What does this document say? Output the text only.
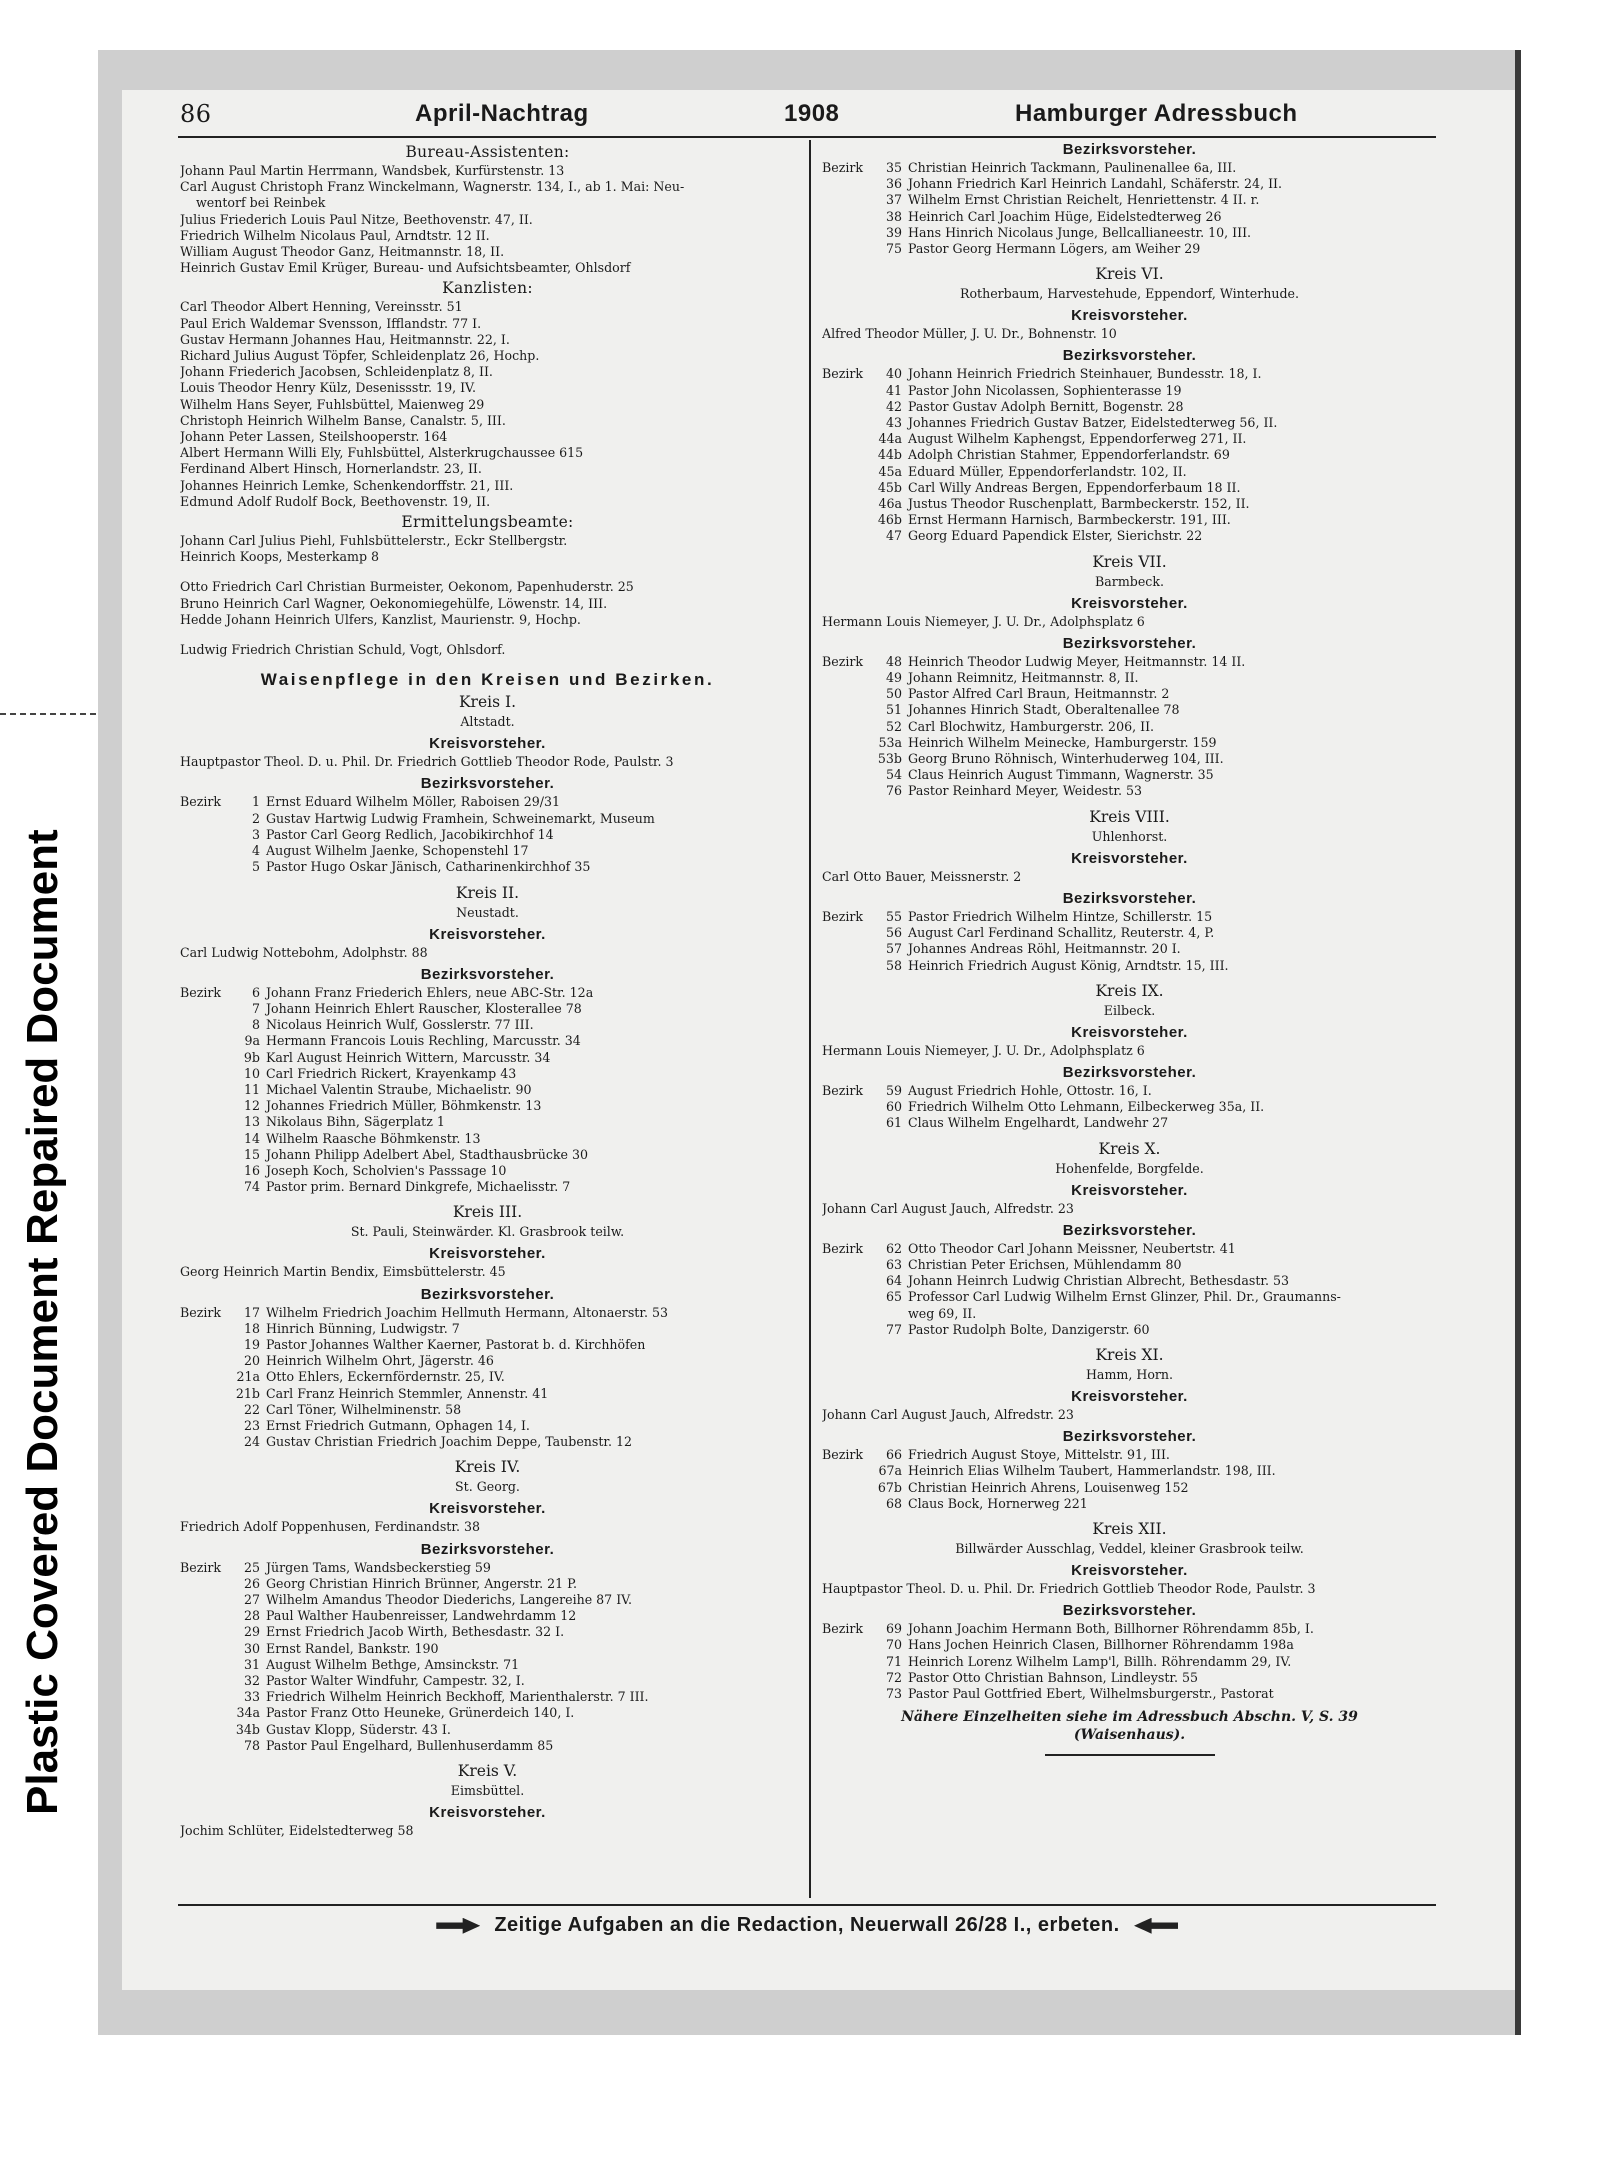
Repaired Document
Plastic Covered Document
86	April-Nachtrag	1908	Hamburger Adressbuch
Bureau-Assistenten:
Johann Paul Martin Herrmann, Wandsbek, Kurfürstenstr. 13
Carl August Christoph Franz Winckelmann, Wagnerstr. 134, I., ab 1. Mai: Neu-
wentorf bei Reinbek
Julius Friederich Louis Paul Nitze, Beethovenstr. 47, II.
Friedrich Wilhelm Nicolaus Paul, Arndtstr. 12 II.
William August Theodor Ganz, Heitmannstr. 18, II.
Heinrich Gustav Emil Krüger, Bureau- und Aufsichtsbeamter, Ohlsdorf
Kanzlisten:
Carl Theodor Albert Henning, Vereinsstr. 51
Paul Erich Waldemar Svensson, Ifflandstr. 77 I.
Gustav Hermann Johannes Hau, Heitmannstr. 22, I.
Richard Julius August Töpfer, Schleidenplatz 26, Hochp.
Johann Friederich Jacobsen, Schleidenplatz 8, II.
Louis Theodor Henry Külz, Desenissstr. 19, IV.
Wilhelm Hans Seyer, Fuhlsbüttel, Maienweg 29
Christoph Heinrich Wilhelm Banse, Canalstr. 5, III.
Johann Peter Lassen, Steilshooperstr. 164
Albert Hermann Willi Ely, Fuhlsbüttel, Alsterkrugchaussee 615
Ferdinand Albert Hinsch, Hornerlandstr. 23, II.
Johannes Heinrich Lemke, Schenkendorffstr. 21, III.
Edmund Adolf Rudolf Bock, Beethovenstr. 19, II.
Ermittelungsbeamte:
Johann Carl Julius Piehl, Fuhlsbüttelerstr., Eckr Stellbergstr.
Heinrich Koops, Mesterkamp 8
Otto Friedrich Carl Christian Burmeister, Oekonom, Papenhuderstr. 25
Bruno Heinrich Carl Wagner, Oekonomiegehülfe, Löwenstr. 14, III.
Hedde Johann Heinrich Ulfers, Kanzlist, Maurienstr. 9, Hochp.
Ludwig Friedrich Christian Schuld, Vogt, Ohlsdorf.
Waisenpflege in den Kreisen und Bezirken.
Kreis I.
Altstadt.
Kreisvorsteher.
Hauptpastor Theol. D. u. Phil. Dr. Friedrich Gottlieb Theodor Rode, Paulstr. 3
Bezirksvorsteher.
Bezirk 1 Ernst Eduard Wilhelm Möller, Raboisen 29/31
2 Gustav Hartwig Ludwig Framhein, Schweinemarkt, Museum
3 Pastor Carl Georg Redlich, Jacobikirchhof 14
4 August Wilhelm Jaenke, Schopenstehl 17
5 Pastor Hugo Oskar Jänisch, Catharinenkirchhof 35
Kreis II.
Neustadt.
Kreisvorsteher.
Carl Ludwig Nottebohm, Adolphstr. 88
Bezirksvorsteher.
Bezirk 6 Johann Franz Friederich Ehlers, neue ABC-Str. 12a
7 Johann Heinrich Ehlert Rauscher, Klosterallee 78
8 Nicolaus Heinrich Wulf, Gosslerstr. 77 III.
9a Hermann Francois Louis Rechling, Marcusstr. 34
9b Karl August Heinrich Wittern, Marcusstr. 34
10 Carl Friedrich Rickert, Krayenkamp 43
11 Michael Valentin Straube, Michaelistr. 90
12 Johannes Friedrich Müller, Böhmkenstr. 13
13 Nikolaus Bihn, Sägerplatz 1
14 Wilhelm Raasche Böhmkenstr. 13
15 Johann Philipp Adelbert Abel, Stadthausbrücke 30
16 Joseph Koch, Scholvien's Passsage 10
74 Pastor prim. Bernard Dinkgrefe, Michaelisstr. 7
Kreis III.
St. Pauli, Steinwärder. Kl. Grasbrook teilw.
Kreisvorsteher.
Georg Heinrich Martin Bendix, Eimsbüttelerstr. 45
Bezirksvorsteher.
Bezirk 17 Wilhelm Friedrich Joachim Hellmuth Hermann, Altonaerstr. 53
18 Hinrich Bünning, Ludwigstr. 7
19 Pastor Johannes Walther Kaerner, Pastorat b. d. Kirchhöfen
20 Heinrich Wilhelm Ohrt, Jägerstr. 46
21a Otto Ehlers, Eckernfördernstr. 25, IV.
21b Carl Franz Heinrich Stemmler, Annenstr. 41
22 Carl Töner, Wilhelminenstr. 58
23 Ernst Friedrich Gutmann, Ophagen 14, I.
24 Gustav Christian Friedrich Joachim Deppe, Taubenstr. 12
Kreis IV.
St. Georg.
Kreisvorsteher.
Friedrich Adolf Poppenhusen, Ferdinandstr. 38
Bezirksvorsteher.
Bezirk 25 Jürgen Tams, Wandsbeckerstieg 59
26 Georg Christian Hinrich Brünner, Angerstr. 21 P.
27 Wilhelm Amandus Theodor Diederichs, Langereihe 87 IV.
28 Paul Walther Haubenreisser, Landwehrdamm 12
29 Ernst Friedrich Jacob Wirth, Bethesdastr. 32 I.
30 Ernst Randel, Bankstr. 190
31 August Wilhelm Bethge, Amsinckstr. 71
32 Pastor Walter Windfuhr, Campestr. 32, I.
33 Friedrich Wilhelm Heinrich Beckhoff, Marienthalerstr. 7 III.
34a Pastor Franz Otto Heuneke, Grünerdeich 140, I.
34b Gustav Klopp, Süderstr. 43 I.
78 Pastor Paul Engelhard, Bullenhuserdamm 85
Kreis V.
Eimsbüttel.
Kreisvorsteher.
Jochim Schlüter, Eidelstedterweg 58
Bezirksvorsteher.
Bezirk 35 Christian Heinrich Tackmann, Paulinenallee 6a, III.
36 Johann Friedrich Karl Heinrich Landahl, Schäferstr. 24, II.
37 Wilhelm Ernst Christian Reichelt, Henriettenstr. 4 II. r.
38 Heinrich Carl Joachim Hüge, Eidelstedterweg 26
39 Hans Hinrich Nicolaus Junge, Bellcallianeestr. 10, III.
75 Pastor Georg Hermann Lögers, am Weiher 29
Kreis VI.
Rotherbaum, Harvestehude, Eppendorf, Winterhude.
Kreisvorsteher.
Alfred Theodor Müller, J. U. Dr., Bohnenstr. 10
Bezirksvorsteher.
Bezirk 40 Johann Heinrich Friedrich Steinhauer, Bundesstr. 18, I.
41 Pastor John Nicolassen, Sophienterasse 19
42 Pastor Gustav Adolph Bernitt, Bogenstr. 28
43 Johannes Friedrich Gustav Batzer, Eidelstedterweg 56, II.
44a August Wilhelm Kaphengst, Eppendorferweg 271, II.
44b Adolph Christian Stahmer, Eppendorferlandstr. 69
45a Eduard Müller, Eppendorferlandstr. 102, II.
45b Carl Willy Andreas Bergen, Eppendorferbaum 18 II.
46a Justus Theodor Ruschenplatt, Barmbeckerstr. 152, II.
46b Ernst Hermann Harnisch, Barmbeckerstr. 191, III.
47 Georg Eduard Papendick Elster, Sierichstr. 22
Kreis VII.
Barmbeck.
Kreisvorsteher.
Hermann Louis Niemeyer, J. U. Dr., Adolphsplatz 6
Bezirksvorsteher.
Bezirk 48 Heinrich Theodor Ludwig Meyer, Heitmannstr. 14 II.
49 Johann Reimnitz, Heitmannstr. 8, II.
50 Pastor Alfred Carl Braun, Heitmannstr. 2
51 Johannes Hinrich Stadt, Oberaltenallee 78
52 Carl Blochwitz, Hamburgerstr. 206, II.
53a Heinrich Wilhelm Meinecke, Hamburgerstr. 159
53b Georg Bruno Röhnisch, Winterhuderweg 104, III.
54 Claus Heinrich August Timmann, Wagnerstr. 35
76 Pastor Reinhard Meyer, Weidestr. 53
Kreis VIII.
Uhlenhorst.
Kreisvorsteher.
Carl Otto Bauer, Meissnerstr. 2
Bezirksvorsteher.
Bezirk 55 Pastor Friedrich Wilhelm Hintze, Schillerstr. 15
56 August Carl Ferdinand Schallitz, Reuterstr. 4, P.
57 Johannes Andreas Röhl, Heitmannstr. 20 I.
58 Heinrich Friedrich August König, Arndtstr. 15, III.
Kreis IX.
Eilbeck.
Kreisvorsteher.
Hermann Louis Niemeyer, J. U. Dr., Adolphsplatz 6
Bezirksvorsteher.
Bezirk 59 August Friedrich Hohle, Ottostr. 16, I.
60 Friedrich Wilhelm Otto Lehmann, Eilbeckerweg 35a, II.
61 Claus Wilhelm Engelhardt, Landwehr 27
Kreis X.
Hohenfelde, Borgfelde.
Kreisvorsteher.
Johann Carl August Jauch, Alfredstr. 23
Bezirksvorsteher.
Bezirk 62 Otto Theodor Carl Johann Meissner, Neubertstr. 41
63 Christian Peter Erichsen, Mühlendamm 80
64 Johann Heinrch Ludwig Christian Albrecht, Bethesdastr. 53
65 Professor Carl Ludwig Wilhelm Ernst Glinzer, Phil. Dr., Graumanns-
weg 69, II.
77 Pastor Rudolph Bolte, Danzigerstr. 60
Kreis XI.
Hamm, Horn.
Kreisvorsteher.
Johann Carl August Jauch, Alfredstr. 23
Bezirksvorsteher.
Bezirk 66 Friedrich August Stoye, Mittelstr. 91, III.
67a Heinrich Elias Wilhelm Taubert, Hammerlandstr. 198, III.
67b Christian Heinrich Ahrens, Louisenweg 152
68 Claus Bock, Hornerweg 221
Kreis XII.
Billwärder Ausschlag, Veddel, kleiner Grasbrook teilw.
Kreisvorsteher.
Hauptpastor Theol. D. u. Phil. Dr. Friedrich Gottlieb Theodor Rode, Paulstr. 3
Bezirksvorsteher.
Bezirk 69 Johann Joachim Hermann Both, Billhorner Röhrendamm 85b, I.
70 Hans Jochen Heinrich Clasen, Billhorner Röhrendamm 198a
71 Heinrich Lorenz Wilhelm Lamp'l, Billh. Röhrendamm 29, IV.
72 Pastor Otto Christian Bahnson, Lindleystr. 55
73 Pastor Paul Gottfried Ebert, Wilhelmsburgerstr., Pastorat
Nähere Einzelheiten siehe im Adressbuch Abschn. V, S. 39
(Waisenhaus).
Zeitige Aufgaben an die Redaction, Neuerwall 26/28 I., erbeten.
